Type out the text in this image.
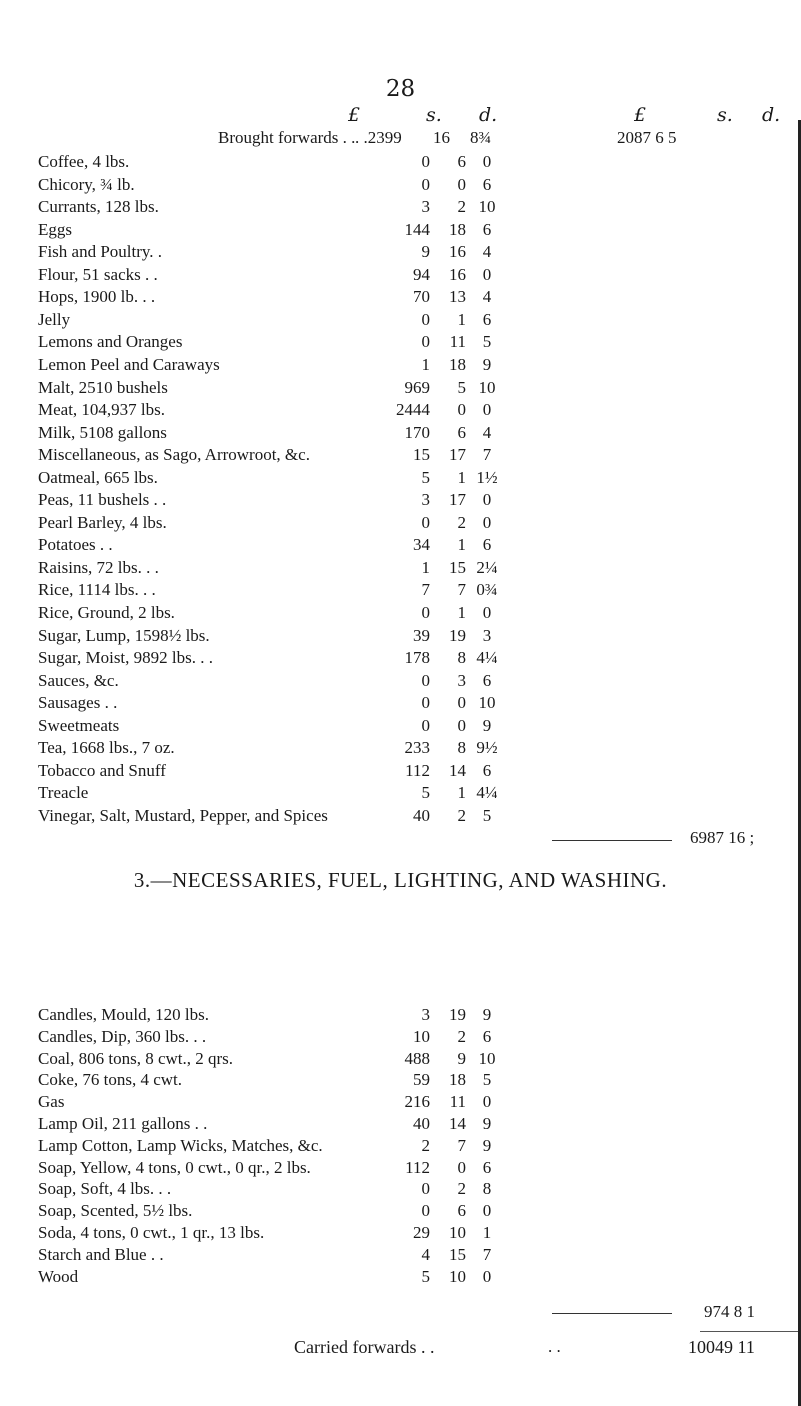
28
£	s. d.	£	s. d.
Brought forwards . . . .2399 16 8¾	2087 6 5
Coffee, 4 lbs.	0 6 0
Chicory, ¾ lb.	0 0 6
Currants, 128 lbs.	3 2 10
Eggs	144 18 6
Fish and Poultry. .	9 16 4
Flour, 51 sacks . .	94 16 0
Hops, 1900 lb. . .	70 13 4
Jelly	0 1 6
Lemons and Oranges	0 11 5
Lemon Peel and Caraways	1 18 9
Malt, 2510 bushels	969 5 10
Meat, 104,937 lbs.	2444 0 0
Milk, 5108 gallons	170 6 4
Miscellaneous, as Sago, Arrowroot, &c.	15 17 7
Oatmeal, 665 lbs.	5 1 1½
Peas, 11 bushels . .	3 17 0
Pearl Barley, 4 lbs.	0 2 0
Potatoes . .	34 1 6
Raisins, 72 lbs. . .	1 15 2¼
Rice, 1114 lbs. . .	7 7 0¾
Rice, Ground, 2 lbs.	0 1 0
Sugar, Lump, 1598½ lbs.	39 19 3
Sugar, Moist, 9892 lbs. . .	178 8 4¼
Sauces, &c.	0 3 6
Sausages . .	0 0 10
Sweetmeats	0 0 9
Tea, 1668 lbs., 7 oz.	233 8 9½
Tobacco and Snuff	112 14 6
Treacle	5 1 4¼
Vinegar, Salt, Mustard, Pepper, and Spices	40 2 5
6987 16 ;
3.—NECESSARIES, FUEL, LIGHTING, AND WASHING.
Candles, Mould, 120 lbs.	3 19 9
Candles, Dip, 360 lbs. . .	10 2 6
Coal, 806 tons, 8 cwt., 2 qrs.	488 9 10
Coke, 76 tons, 4 cwt.	59 18 5
Gas	216 11 0
Lamp Oil, 211 gallons . .	40 14 9
Lamp Cotton, Lamp Wicks, Matches, &c.	2 7 9
Soap, Yellow, 4 tons, 0 cwt., 0 qr., 2 lbs.	112 0 6
Soap, Soft, 4 lbs. . .	0 2 8
Soap, Scented, 5½ lbs.	0 6 0
Soda, 4 tons, 0 cwt., 1 qr., 13 lbs.	29 10 1
Starch and Blue . .	4 15 7
Wood	5 10 0
974 8 1
Carried forwards . .	. .	10049 11
